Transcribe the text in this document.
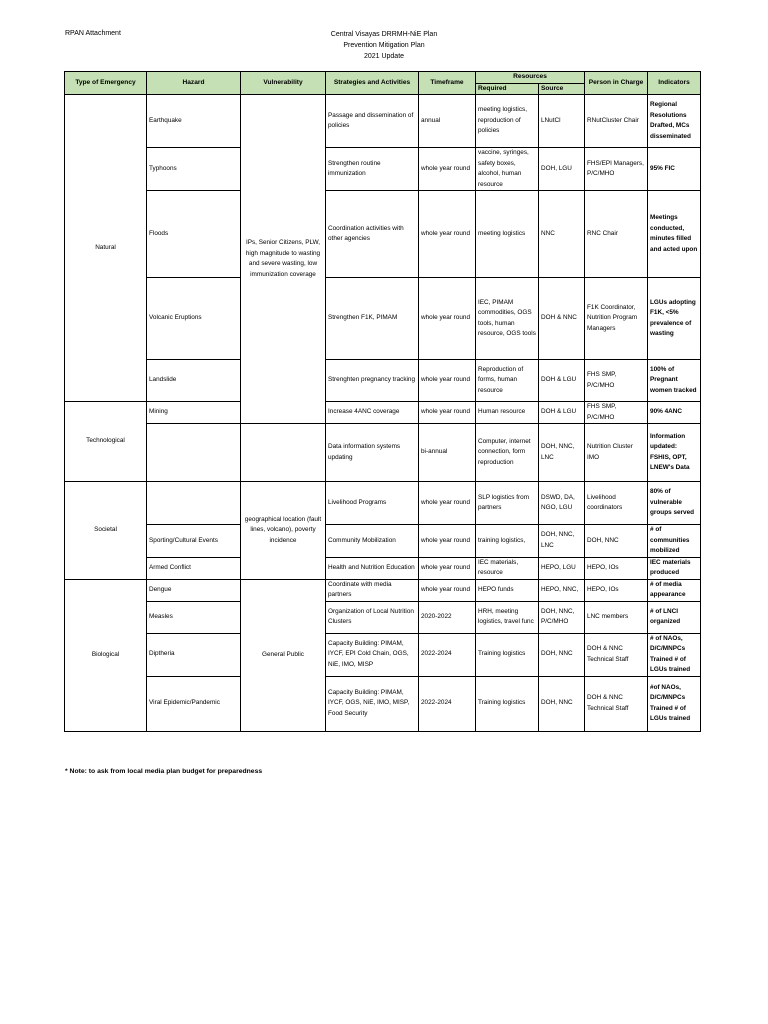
RPAN Attachment	Central Visayas DRRMH-NiE Plan
Prevention Mitigation Plan
2021 Update
Type of Emergency	Hazard	Vulnerability	Strategies and Activities	Timeframe	Resources		Person in Charge	Indicators
					Required	Source		
Natural	Earthquake	IPs, Senior Citizens, PLW, high magnitude to wasting and severe wasting, low immunization coverage	Passage and dissemination of policies	annual	meeting logistics, reproduction of policies	LNutCl	RNutCluster Chair	Regional Resolutions Drafted, MCs disseminated
	Typhoons		Strengthen routine immunization	whole year round	vaccine, syringes, safety boxes, alcohol, human resource	DOH, LGU	FHS/EPI Managers, P/C/MHO	95% FIC
	Floods		Coordination activities with other agencies	whole year round	meeting logistics	NNC	RNC Chair	Meetings conducted, minutes filled and acted upon
	Volcanic Eruptions		Strengthen F1K, PIMAM	whole year round	IEC, PIMAM commodities, OGS tools, human resource, OGS tools	DOH & NNC	F1K Coordinator, Nutrition Program Managers	LGUs adopting F1K, <5% prevalence of wasting
	Landslide		Strenghten pregnancy tracking	whole year round	Reproduction of forms, human resource	DOH & LGU	FHS SMP, P/C/MHO	100% of Pregnant women tracked
Technological	Mining		Increase 4ANC coverage	whole year round	Human resource	DOH & LGU	FHS SMP, P/C/MHO	90% 4ANC
			Data information systems updating	bi-annual	Computer, internet connection, form reproduction	DOH, NNC, LNC	Nutrition Cluster IMO	Information updated: FSHIS, OPT, LNEW's Data
Societal		geographical location (fault lines, volcano), poverty incidence	Livelihood Programs	whole year round	SLP logistics from partners	DSWD, DA, NGO, LGU	Livelihood coordinators	80% of vulnerable groups served
	Sporting/Cultural Events		Community Mobilization	whole year round	training logistics,	DOH, NNC, LNC	DOH, NNC	# of communities mobilized
	Armed Conflict		Health and Nutrition Education	whole year round	IEC materials, resource	HEPO, LGU	HEPO, IOs	IEC materials produced
Biological	Dengue	General Public	Coordinate with media partners	whole year round	HEPO funds	HEPO, NNC,	HEPO, IOs	# of media appearance
	Measles		Organization of Local Nutrition Clusters	2020-2022	HRH, meeting logistics, travel func	DOH, NNC, P/C/MHO	LNC members	# of LNCI organized
	Diptheria		Capacity Building: PIMAM, IYCF, EPI Cold Chain, OGS, NiE, IMO, MISP	2022-2024	Training logistics	DOH, NNC	DOH & NNC Technical Staff	# of NAOs, D/C/MNPCs Trained # of LGUs trained
	Viral Epidemic/Pandemic		Capacity Building: PIMAM, IYCF, OGS, NiE, IMO, MISP, Food Security	2022-2024	Training logistics	DOH, NNC	DOH & NNC Technical Staff	#of NAOs, D/C/MNPCs Trained # of LGUs trained
* Note: to ask from local media plan budget for preparedness
